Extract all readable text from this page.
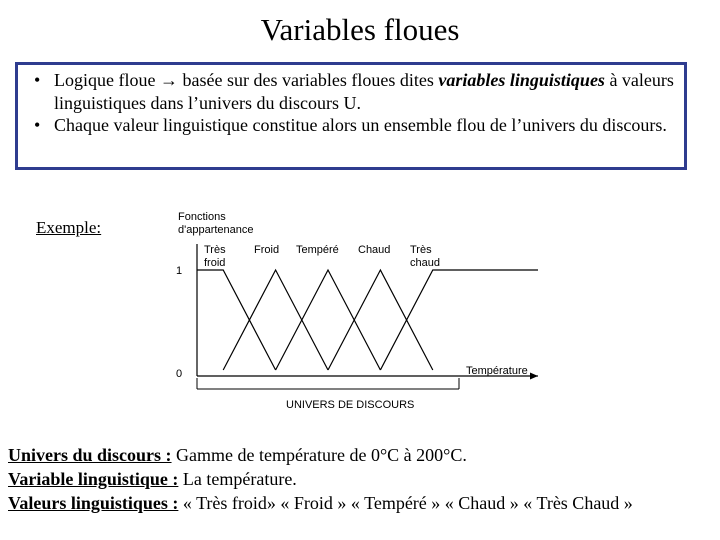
Variables floues
• Logique floue → basée sur des variables floues dites variables linguistiques à valeurs linguistiques dans l’univers du discours U.
• Chaque valeur linguistique constitue alors un ensemble flou de l’univers du discours.
Exemple:
Fonctions
d'appartenance
1
0	Température
Très
froid
Froid Tempéré Chaud Très
chaud
UNIVERS DE DISCOURS
Univers du discours : Gamme de température de 0°C à 200°C.
Variable linguistique : La température.
Valeurs linguistiques : « Très froid» « Froid » « Tempéré » « Chaud » « Très Chaud »
